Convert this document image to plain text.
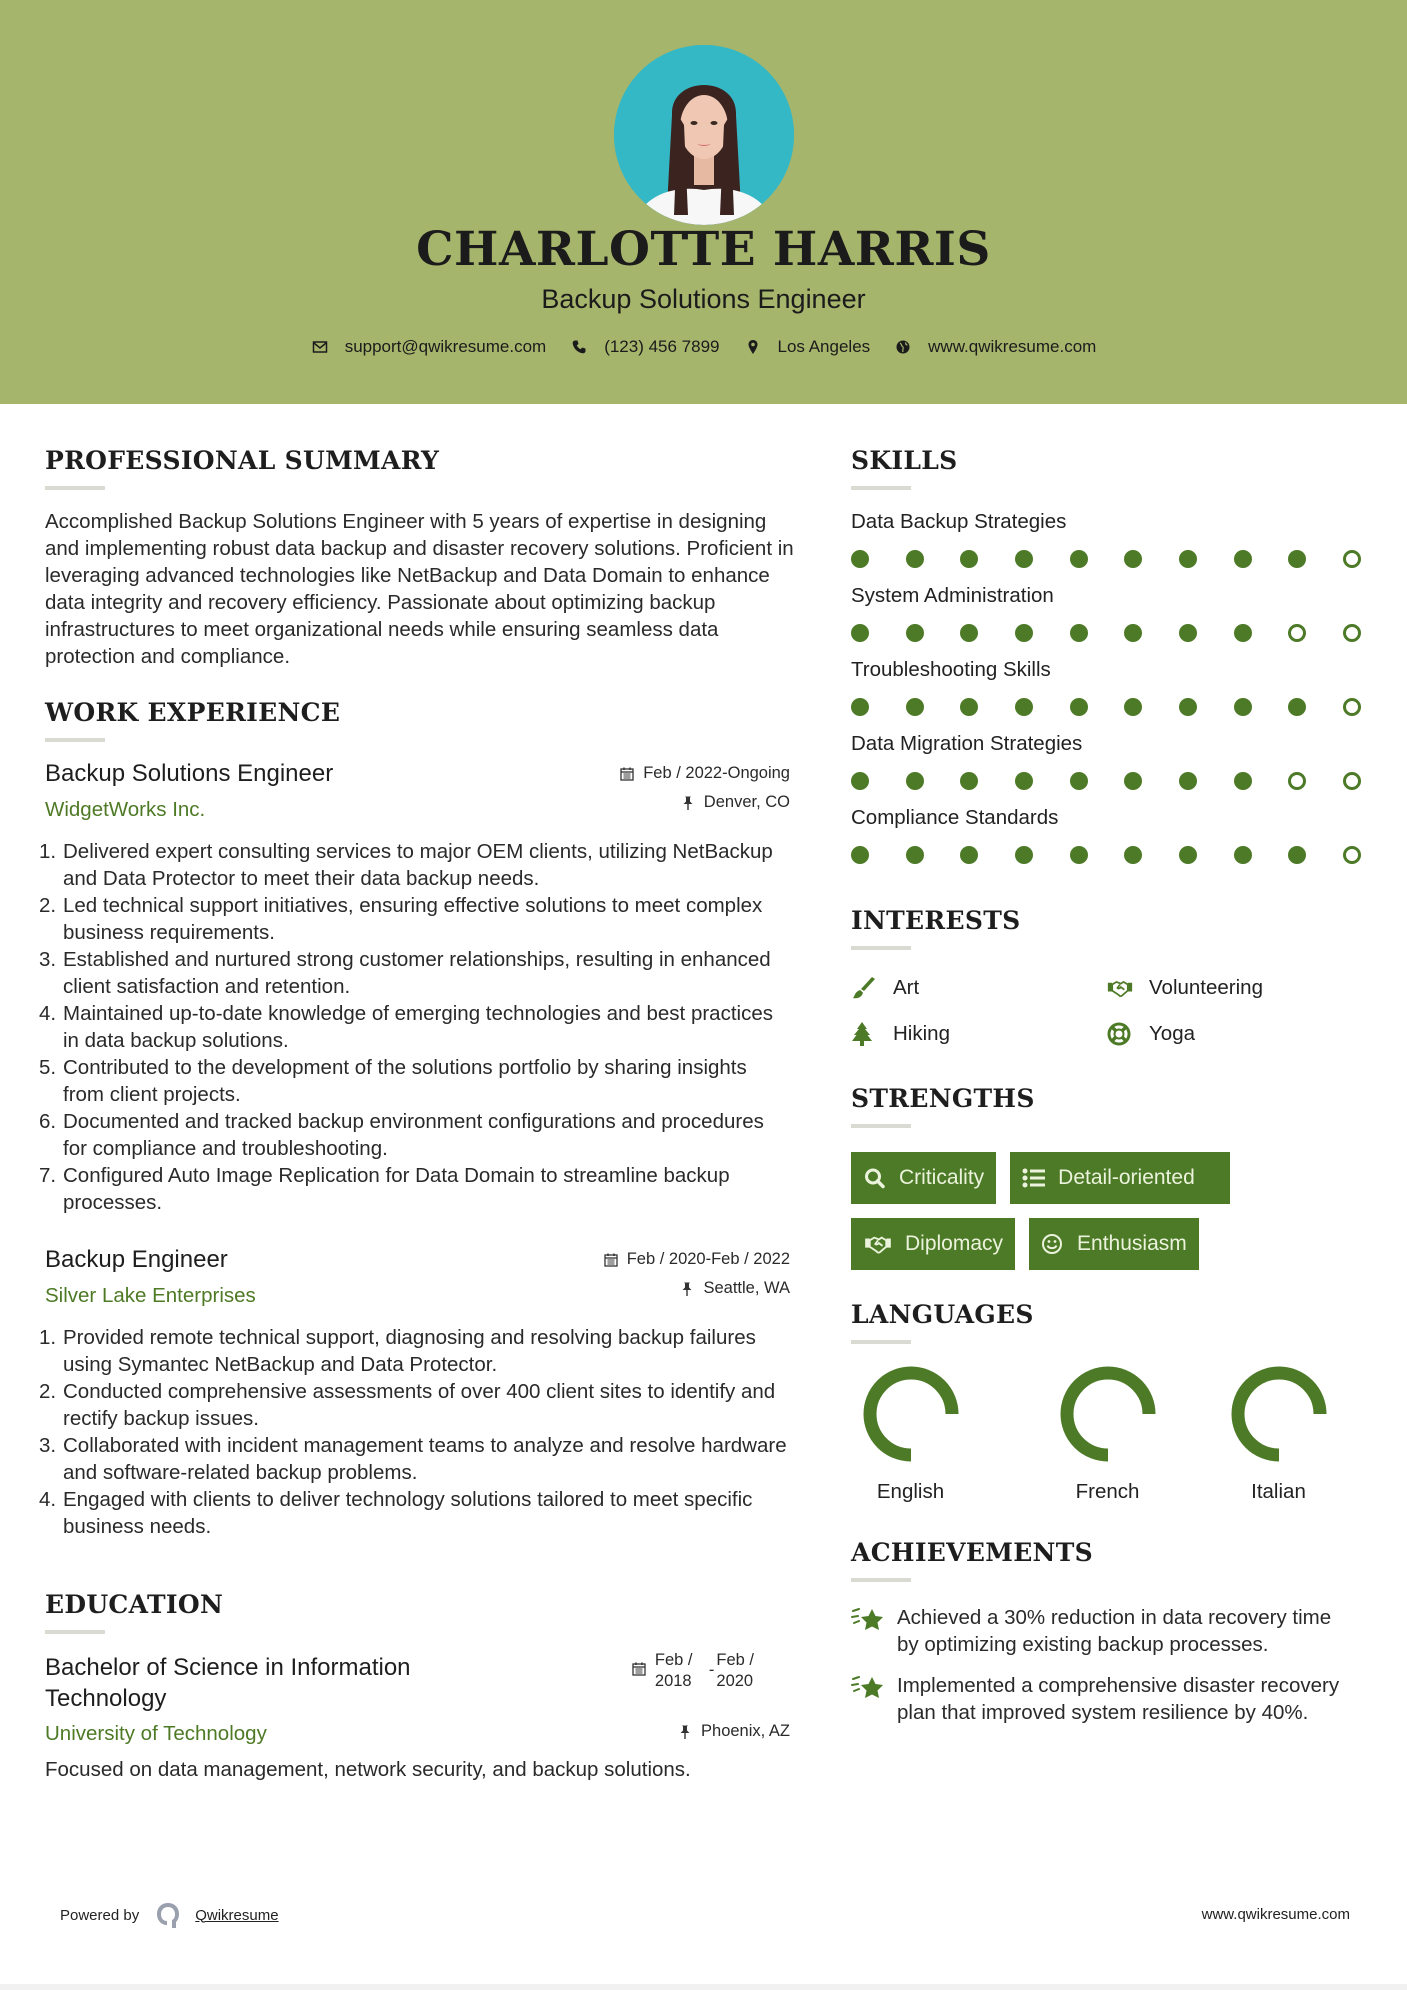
CHARLOTTE HARRIS
Backup Solutions Engineer
support@qwikresume.com	(123) 456 7899	Los Angeles	www.qwikresume.com
PROFESSIONAL SUMMARY

Accomplished Backup Solutions Engineer with 5 years of expertise in designing and implementing robust data backup and disaster recovery solutions. Proficient in leveraging advanced technologies like NetBackup and Data Domain to enhance data integrity and recovery efficiency. Passionate about optimizing backup infrastructures to meet organizational needs while ensuring seamless data protection and compliance.

WORK EXPERIENCE
Backup Solutions Engineer
WidgetWorks Inc.
Feb / 2022-Ongoing
Denver, CO
1. Delivered expert consulting services to major OEM clients, utilizing NetBackup and Data Protector to meet their data backup needs.
2. Led technical support initiatives, ensuring effective solutions to meet complex business requirements.
3. Established and nurtured strong customer relationships, resulting in enhanced client satisfaction and retention.
4. Maintained up-to-date knowledge of emerging technologies and best practices in data backup solutions.
5. Contributed to the development of the solutions portfolio by sharing insights from client projects.
6. Documented and tracked backup environment configurations and procedures for compliance and troubleshooting.
7. Configured Auto Image Replication for Data Domain to streamline backup processes.
Backup Engineer
Silver Lake Enterprises
Feb / 2020-Feb / 2022
Seattle, WA
1. Provided remote technical support, diagnosing and resolving backup failures using Symantec NetBackup and Data Protector.
2. Conducted comprehensive assessments of over 400 client sites to identify and rectify backup issues.
3. Collaborated with incident management teams to analyze and resolve hardware and software-related backup problems.
4. Engaged with clients to deliver technology solutions tailored to meet specific business needs.
EDUCATION
Bachelor of Science in Information
Technology
Feb /
2018
-
Feb /
2020
University of Technology	Phoenix, AZ

Focused on data management, network security, and backup solutions.

SKILLS
Data Backup Strategies
System Administration
Troubleshooting Skills
Data Migration Strategies
Compliance Standards
INTERESTS
Art	Volunteering
Hiking	Yoga
STRENGTHS
Criticality	Detail-oriented
Diplomacy	Enthusiasm
LANGUAGES
English	French	Italian
ACHIEVEMENTS
Achieved a 30% reduction in data recovery time by optimizing existing backup processes.
Implemented a comprehensive disaster recovery plan that improved system resilience by 40%.
Powered by	Qwikresume	www.qwikresume.com
